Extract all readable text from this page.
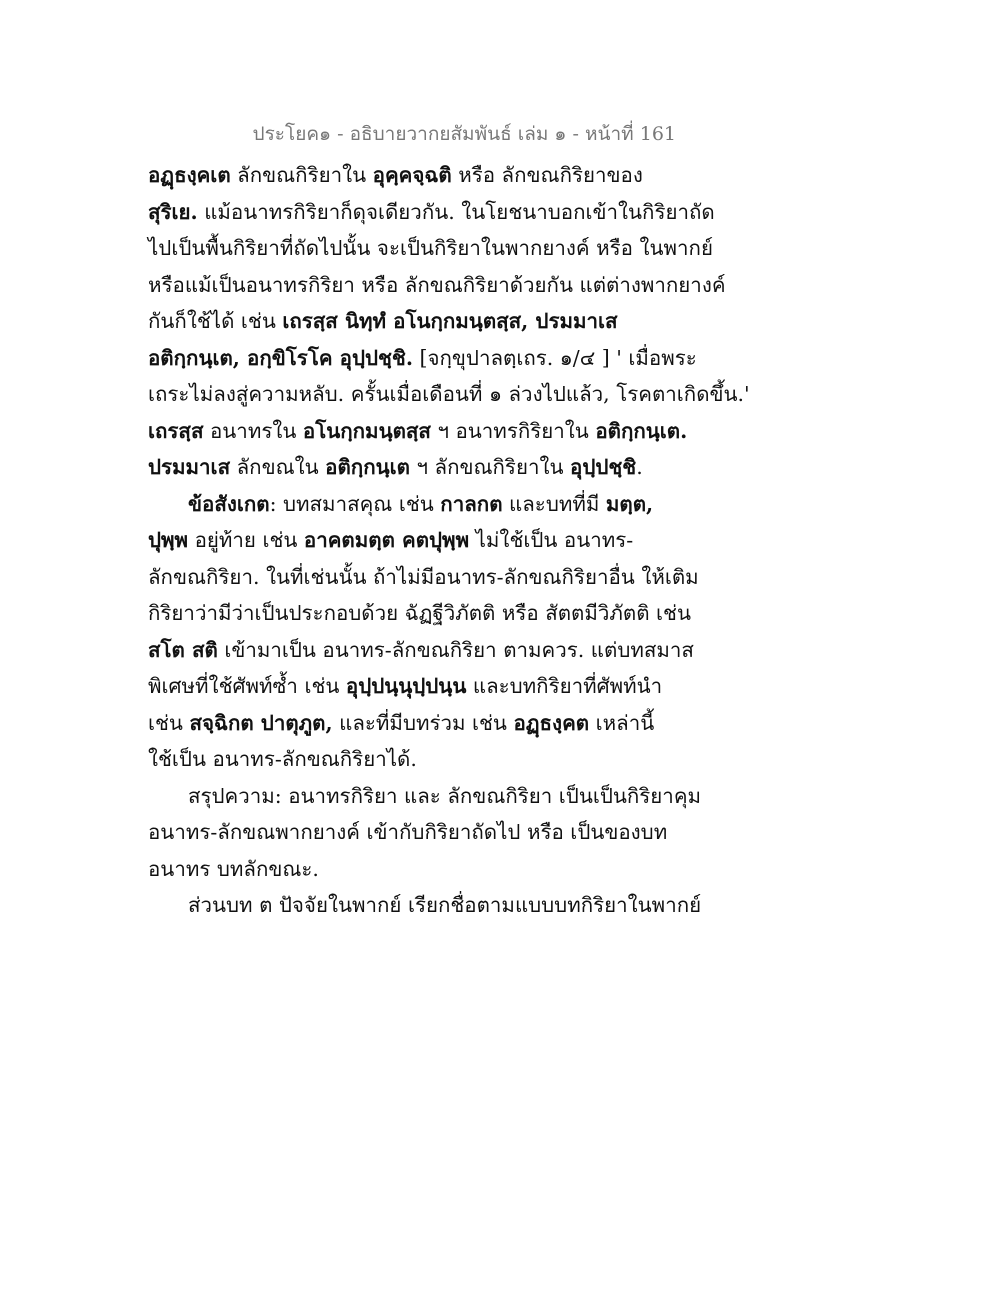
ประโยค๑ - อธิบายวากยสัมพันธ์ เล่ม ๑ - หน้าที่ 161
อฏฺธงฺคเต ลักขณกิริยาใน อุคฺคจฺฉติ หรือ ลักขณกิริยาของ
สุริเย. แม้อนาทรกิริยาก็ดุจเดียวกัน. ในโยชนาบอกเข้าในกิริยาถัด
ไปเป็นพื้นกิริยาที่ถัดไปนั้น จะเป็นกิริยาในพากยางค์ หรือ ในพากย์
หรือแม้เป็นอนาทรกิริยา หรือ ลักขณกิริยาด้วยกัน แต่ต่างพากยางค์
กันก็ใช้ได้ เช่น เถรสฺส นิทฺทํ อโนกฺกมนฺตสฺส, ปรมมาเส
อติกฺกนฺเต, อกฺขิโรโค อุปฺปชฺชิ. [จกฺขุปาลตฺเถร. ๑/๔ ] ' เมื่อพระ
เถระไม่ลงสู่ความหลับ. ครั้นเมื่อเดือนที่ ๑ ล่วงไปแล้ว, โรคตาเกิดขึ้น.'
เถรสฺส อนาทรใน อโนกฺกมนฺตสฺส ฯ อนาทรกิริยาใน อติกฺกนฺเต.
ปรมมาเส ลักขณใน อติกฺกนฺเต ฯ ลักขณกิริยาใน อุปฺปชฺชิ.
ข้อสังเกต: บทสมาสคุณ เช่น กาลกต และบทที่มี มตฺต,
ปุพฺพ อยู่ท้าย เช่น อาคตมตฺต คตปุพฺพ ไม่ใช้เป็น อนาทร-
ลักขณกิริยา. ในที่เช่นนั้น ถ้าไม่มีอนาทร-ลักขณกิริยาอื่น ให้เติม
กิริยาว่ามีว่าเป็นประกอบด้วย ฉัฏฐีวิภัตติ หรือ สัตตมีวิภัตติ เช่น
สโต สติ เข้ามาเป็น อนาทร-ลักขณกิริยา ตามควร. แต่บทสมาส
พิเศษที่ใช้ศัพท์ซ้ำ เช่น อุปฺปนฺนุปฺปนฺน และบทกิริยาที่ศัพท์นำ
เช่น สจฺฉิกต ปาตุภูต, และที่มีบทร่วม เช่น อฏฺธงฺคต เหล่านี้
ใช้เป็น อนาทร-ลักขณกิริยาได้.
สรุปความ: อนาทรกิริยา และ ลักขณกิริยา เป็นเป็นกิริยาคุม
อนาทร-ลักขณพากยางค์ เข้ากับกิริยาถัดไป หรือ เป็นของบท
อนาทร บทลักขณะ.
ส่วนบท ต ปัจจัยในพากย์ เรียกชื่อตามแบบบทกิริยาในพากย์
